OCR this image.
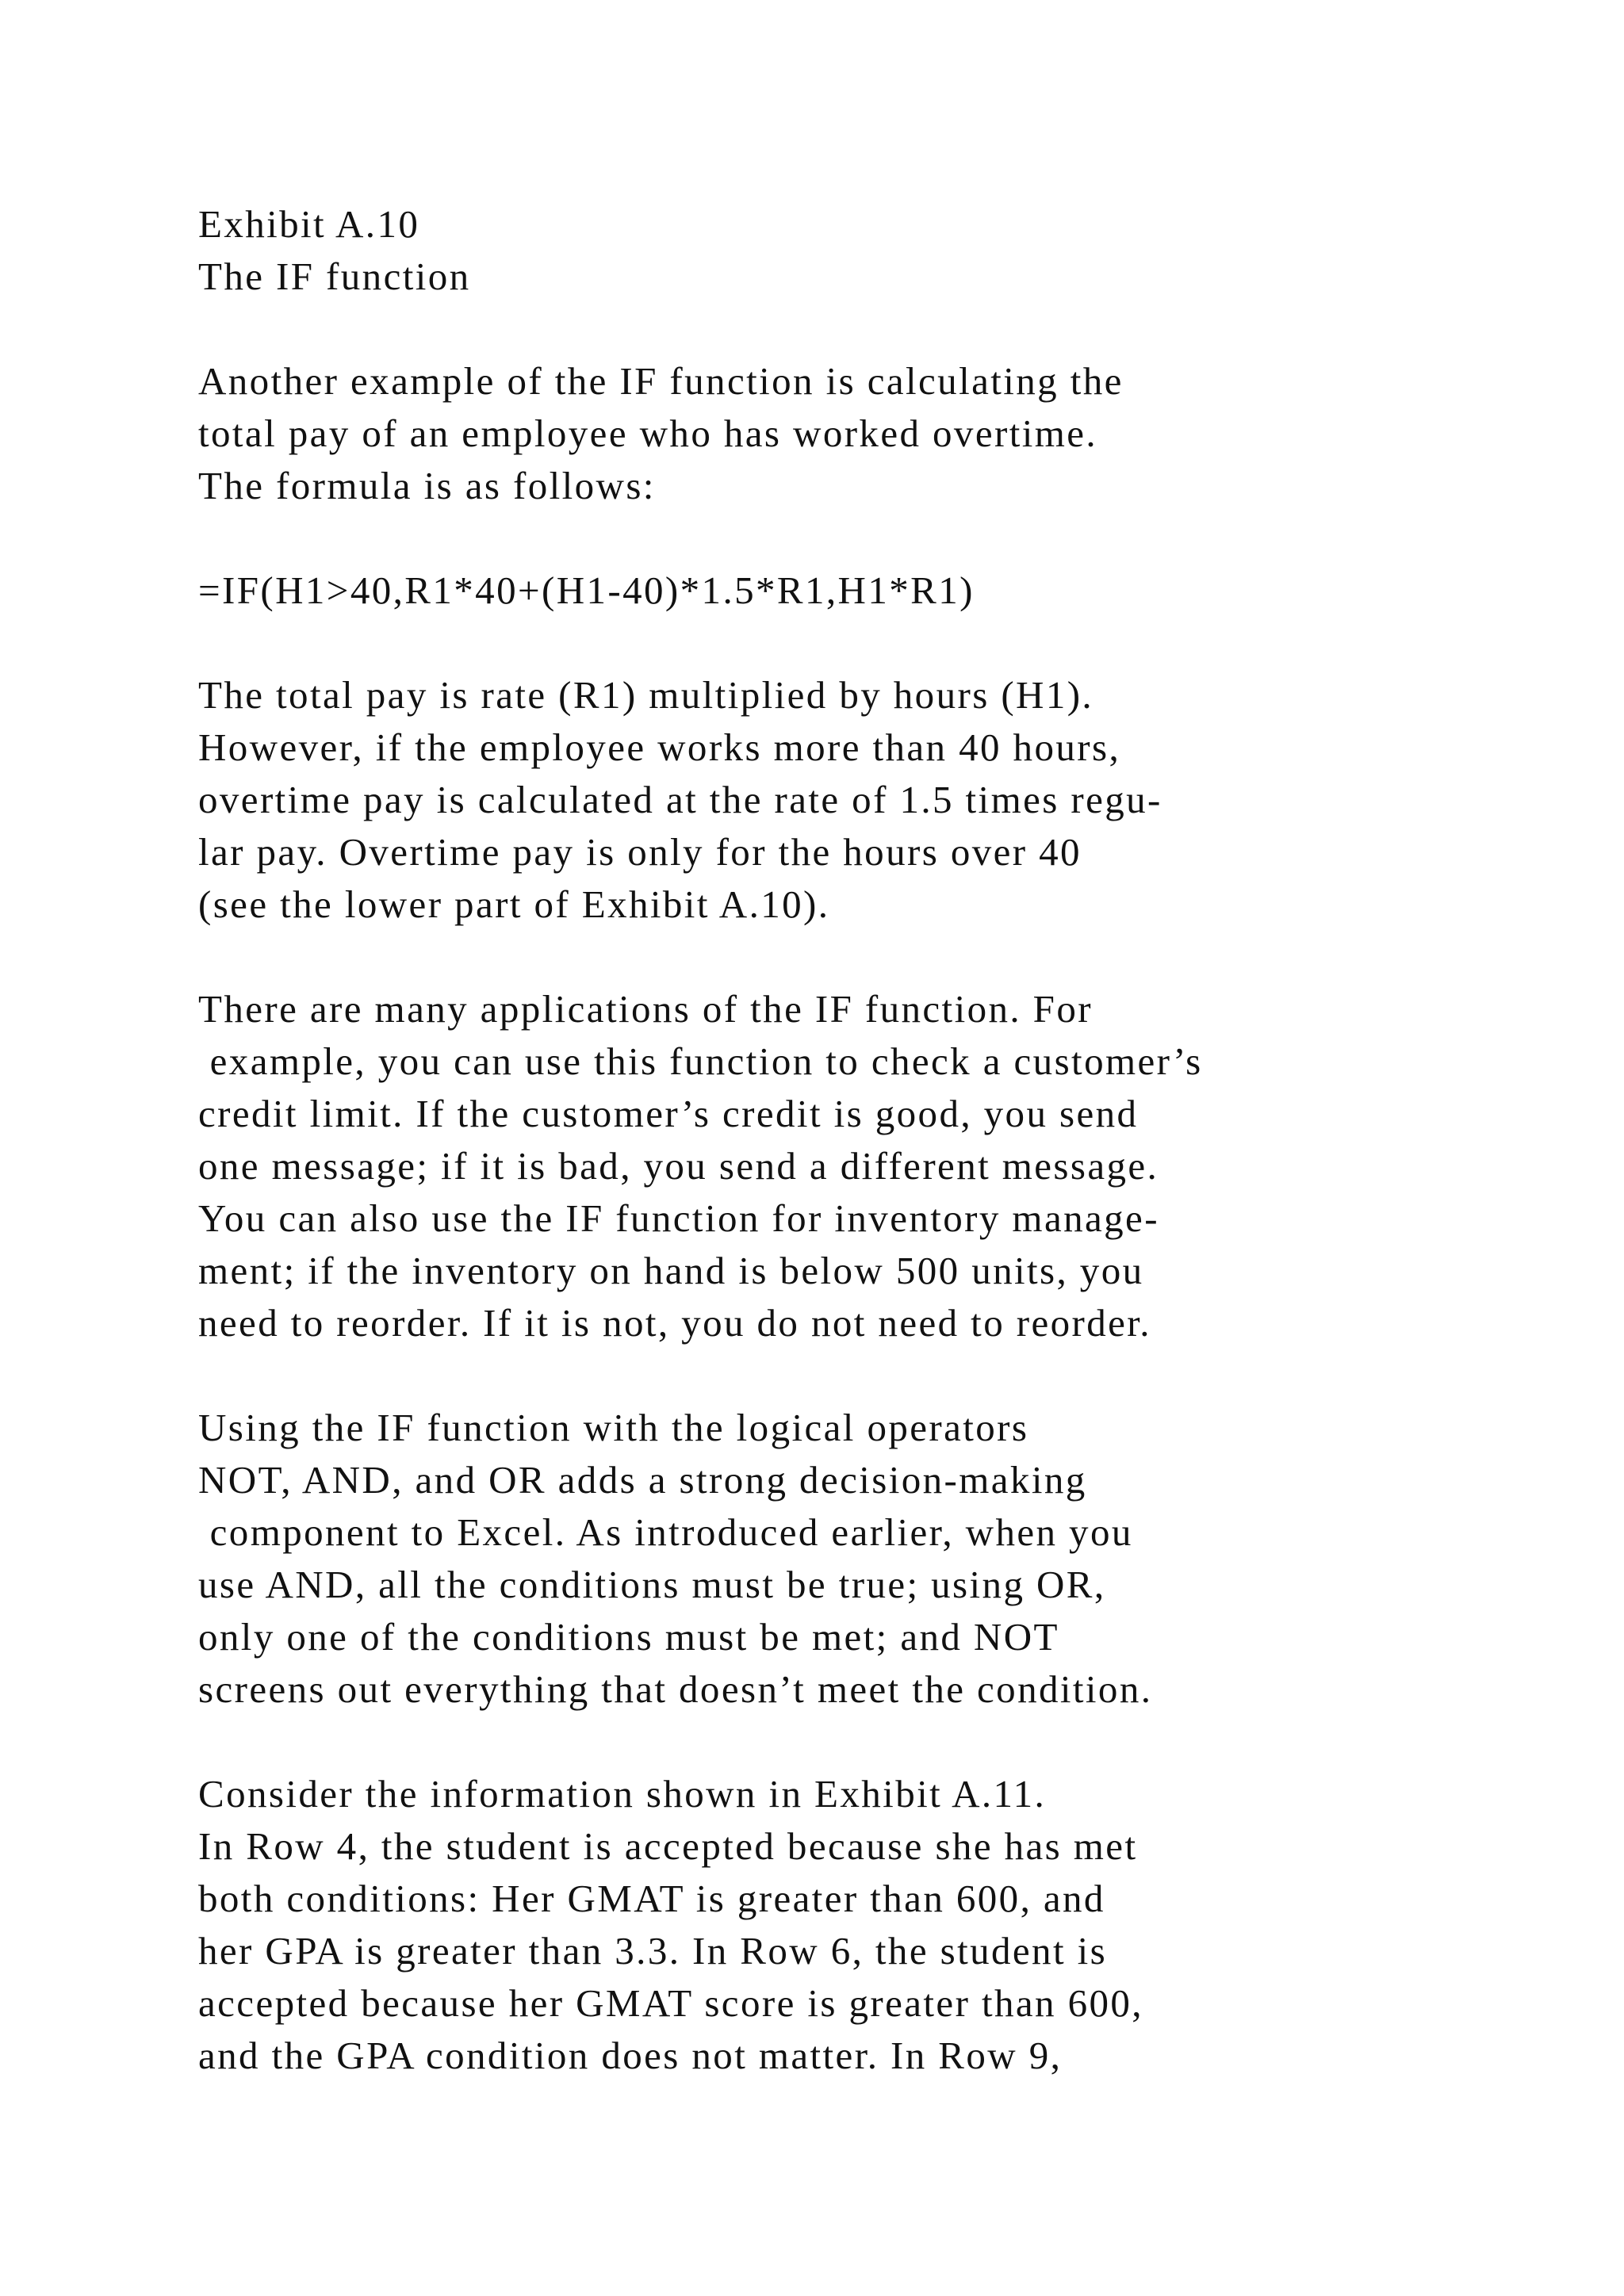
Exhibit A.10
The IF function
Another example of the IF function is calculating the
total pay of an employee who has worked overtime.
The formula is as follows:
=IF(H1>40,R1*40+(H1-40)*1.5*R1,H1*R1)
The total pay is rate (R1) multiplied by hours (H1).
However, if the employee works more than 40 hours,
overtime pay is calculated at the rate of 1.5 times regu-
lar pay. Overtime pay is only for the hours over 40
(see the lower part of Exhibit A.10).
There are many applications of the IF function. For
example, you can use this function to check a customer’s
credit limit. If the customer’s credit is good, you send
one message; if it is bad, you send a different message.
You can also use the IF function for inventory manage-
ment; if the inventory on hand is below 500 units, you
need to reorder. If it is not, you do not need to reorder.
Using the IF function with the logical operators
NOT, AND, and OR adds a strong decision-making
component to Excel. As introduced earlier, when you
use AND, all the conditions must be true; using OR,
only one of the conditions must be met; and NOT
screens out everything that doesn’t meet the condition.
Consider the information shown in Exhibit A.11.
In Row 4, the student is accepted because she has met
both conditions: Her GMAT is greater than 600, and
her GPA is greater than 3.3. In Row 6, the student is
accepted because her GMAT score is greater than 600,
and the GPA condition does not matter. In Row 9,
